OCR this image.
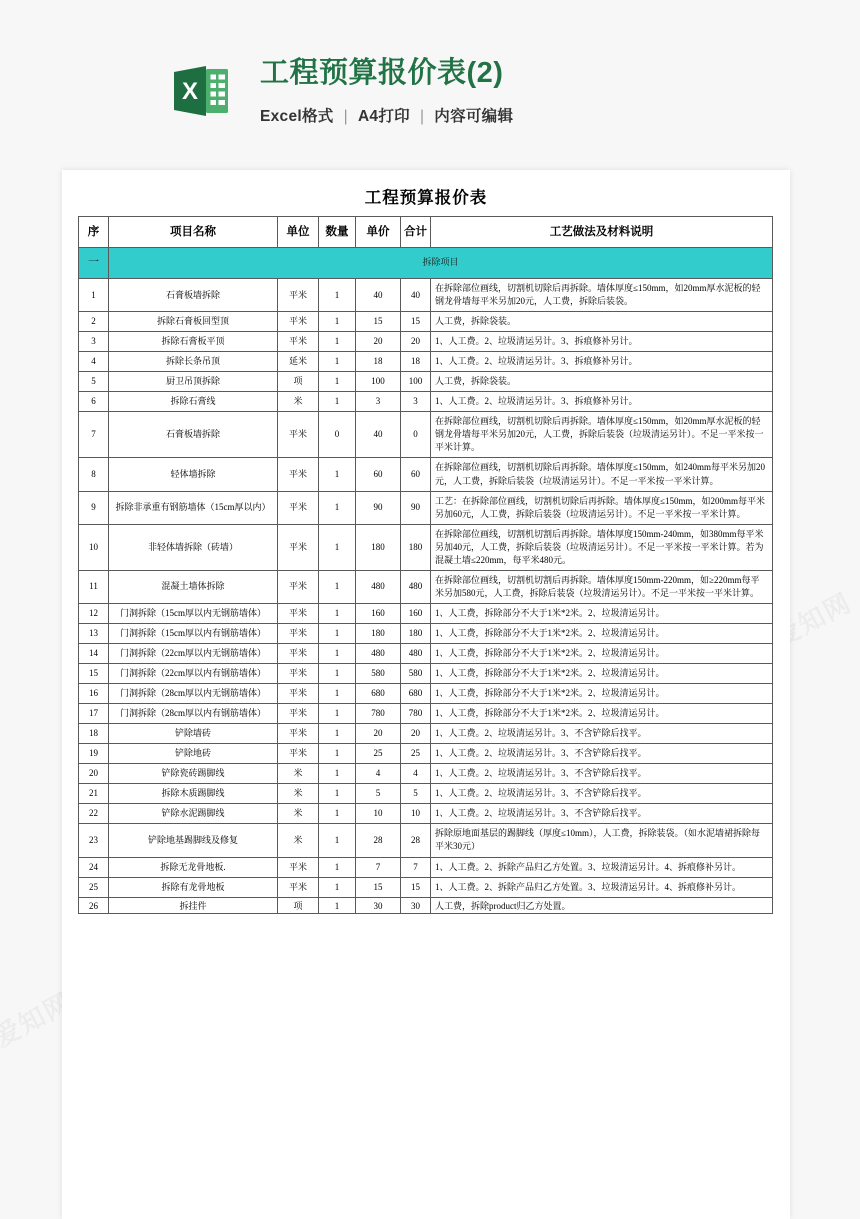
X
工程预算报价表(2)
Excel格式 | A4打印 | 内容可编辑
工程预算报价表
序	项目名称	单位	数量	单价	合计	工艺做法及材料说明
一	拆除项目					
1	石膏板墙拆除	平米	1	40	40	在拆除部位画线，切割机切除后再拆除。墙体厚度≤150mm，如20mm厚水泥板的轻钢龙骨墙每平米另加20元，人工费，拆除后装袋。
2	拆除石膏板回型顶	平米	1	15	15	人工费，拆除袋装。
3	拆除石膏板平顶	平米	1	20	20	1、人工费。2、垃圾清运另计。3、拆痕修补另计。
4	拆除长条吊顶	延米	1	18	18	1、人工费。2、垃圾清运另计。3、拆痕修补另计。
5	厨卫吊顶拆除	项	1	100	100	人工费，拆除袋装。
6	拆除石膏线	米	1	3	3	1、人工费。2、垃圾清运另计。3、拆痕修补另计。
7	石膏板墙拆除	平米	0	40	0	在拆除部位画线，切割机切除后再拆除。墙体厚度≤150mm，如20mm厚水泥板的轻钢龙骨墙每平米另加20元，人工费，拆除后装袋（垃圾清运另计）。不足一平米按一平米计算。
8	轻体墙拆除	平米	1	60	60	在拆除部位画线，切割机切除后再拆除。墙体厚度≤150mm，如240mm每平米另加20元，人工费，拆除后装袋（垃圾清运另计）。不足一平米按一平米计算。
9	拆除非承重有钢筋墙体（15cm厚以内）	平米	1	90	90	工艺：在拆除部位画线，切割机切除后再拆除。墙体厚度≤150mm，如200mm每平米另加60元，人工费，拆除后装袋（垃圾清运另计）。不足一平米按一平米计算。
10	非轻体墙拆除（砖墙）	平米	1	180	180	在拆除部位画线，切割机切割后再拆除。墙体厚度150mm-240mm，如380mm每平米另加40元，人工费，拆除后装袋（垃圾清运另计）。不足一平米按一平米计算。若为混凝土墙≤220mm，每平米480元。
11	混凝土墙体拆除	平米	1	480	480	在拆除部位画线，切割机切割后再拆除。墙体厚度150mm-220mm，如≥220mm每平米另加580元，人工费，拆除后装袋（垃圾清运另计）。不足一平米按一平米计算。
12	门洞拆除（15cm厚以内无钢筋墙体）	平米	1	160	160	1、人工费，拆除部分不大于1米*2米。2、垃圾清运另计。
13	门洞拆除（15cm厚以内有钢筋墙体）	平米	1	180	180	1、人工费，拆除部分不大于1米*2米。2、垃圾清运另计。
14	门洞拆除（22cm厚以内无钢筋墙体）	平米	1	480	480	1、人工费，拆除部分不大于1米*2米。2、垃圾清运另计。
15	门洞拆除（22cm厚以内有钢筋墙体）	平米	1	580	580	1、人工费，拆除部分不大于1米*2米。2、垃圾清运另计。
16	门洞拆除（28cm厚以内无钢筋墙体）	平米	1	680	680	1、人工费，拆除部分不大于1米*2米。2、垃圾清运另计。
17	门洞拆除（28cm厚以内有钢筋墙体）	平米	1	780	780	1、人工费，拆除部分不大于1米*2米。2、垃圾清运另计。
18	铲除墙砖	平米	1	20	20	1、人工费。2、垃圾清运另计。3、不含铲除后找平。
19	铲除地砖	平米	1	25	25	1、人工费。2、垃圾清运另计。3、不含铲除后找平。
20	铲除瓷砖踢脚线	米	1	4	4	1、人工费。2、垃圾清运另计。3、不含铲除后找平。
21	拆除木质踢脚线	米	1	5	5	1、人工费。2、垃圾清运另计。3、不含铲除后找平。
22	铲除水泥踢脚线	米	1	10	10	1、人工费。2、垃圾清运另计。3、不含铲除后找平。
23	铲除地基踢脚线及修复	米	1	28	28	拆除原地面基层的踢脚线（厚度≤10mm），人工费，拆除装袋。（如水泥墙裙拆除每平米30元）
24	拆除无龙骨地板.	平米	1	7	7	1、人工费。2、拆除产品归乙方处置。3、垃圾清运另计。4、拆痕修补另计。
25	拆除有龙骨地板	平米	1	15	15	1、人工费。2、拆除产品归乙方处置。3、垃圾清运另计。4、拆痕修补另计。
26	拆挂件	项	1	30	30	人工费，拆除product归乙方处置。
